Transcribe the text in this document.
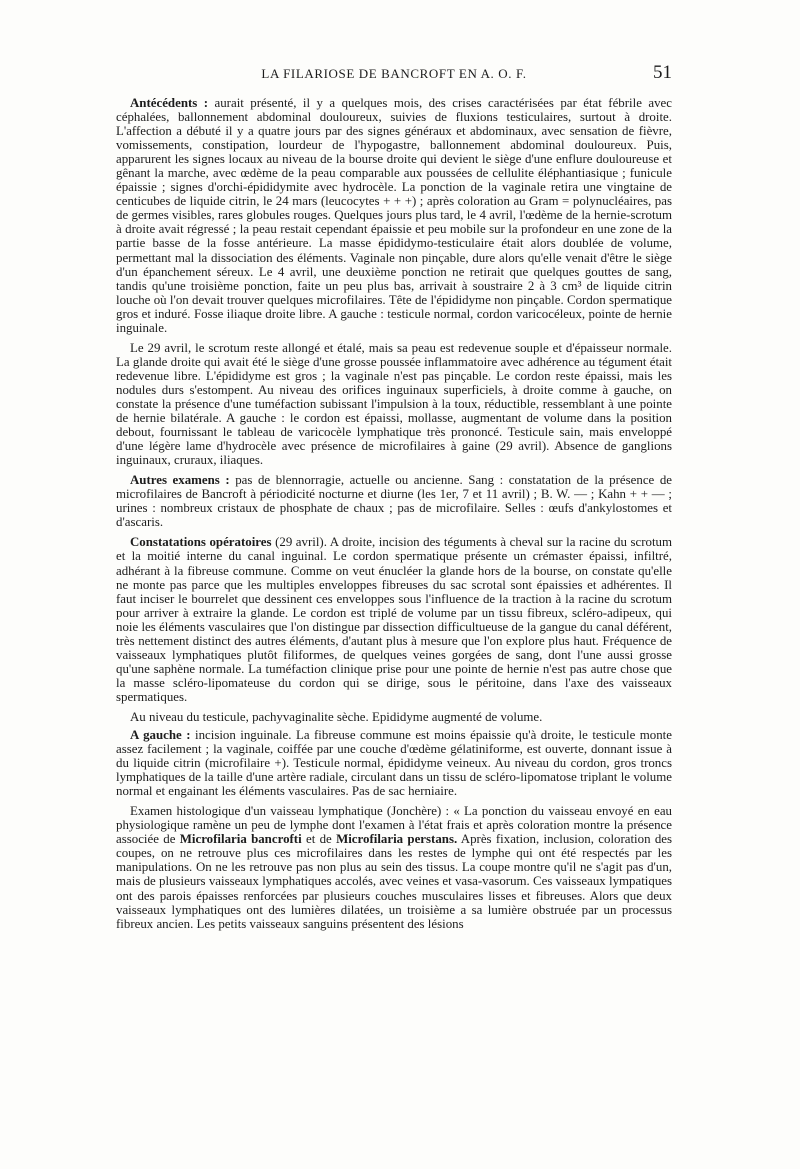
LA FILARIOSE DE BANCROFT EN A. O. F.	51

Antécédents : aurait présenté, il y a quelques mois, des crises caractérisées par état fébrile avec céphalées, ballonnement abdominal douloureux, suivies de fluxions testiculaires, surtout à droite. L'affection a débuté il y a quatre jours par des signes généraux et abdominaux, avec sensation de fièvre, vomissements, constipation, lourdeur de l'hypogastre, ballonnement abdominal douloureux. Puis, apparurent les signes locaux au niveau de la bourse droite qui devient le siège d'une enflure douloureuse et gênant la marche, avec œdème de la peau comparable aux poussées de cellulite éléphantiasique ; funicule épaissie ; signes d'orchi-épididymite avec hydrocèle. La ponction de la vaginale retira une vingtaine de centicubes de liquide citrin, le 24 mars (leucocytes + + +) ; après coloration au Gram = polynucléaires, pas de germes visibles, rares globules rouges. Quelques jours plus tard, le 4 avril, l'œdème de la hernie-scrotum à droite avait régressé ; la peau restait cependant épaissie et peu mobile sur la profondeur en une zone de la partie basse de la fosse antérieure. La masse épididymo-testiculaire était alors doublée de volume, permettant mal la dissociation des éléments. Vaginale non pinçable, dure alors qu'elle venait d'être le siège d'un épanchement séreux. Le 4 avril, une deuxième ponction ne retirait que quelques gouttes de sang, tandis qu'une troisième ponction, faite un peu plus bas, arrivait à soustraire 2 à 3 cm³ de liquide citrin louche où l'on devait trouver quelques microfilaires. Tête de l'épididyme non pinçable. Cordon spermatique gros et induré. Fosse iliaque droite libre. A gauche : testicule normal, cordon varicocéleux, pointe de hernie inguinale.

Le 29 avril, le scrotum reste allongé et étalé, mais sa peau est redevenue souple et d'épaisseur normale. La glande droite qui avait été le siège d'une grosse poussée inflammatoire avec adhérence au tégument était redevenue libre. L'épididyme est gros ; la vaginale n'est pas pinçable. Le cordon reste épaissi, mais les nodules durs s'estompent. Au niveau des orifices inguinaux superficiels, à droite comme à gauche, on constate la présence d'une tuméfaction subissant l'impulsion à la toux, réductible, ressemblant à une pointe de hernie bilatérale. A gauche : le cordon est épaissi, mollasse, augmentant de volume dans la position debout, fournissant le tableau de varicocèle lymphatique très prononcé. Testicule sain, mais enveloppé d'une légère lame d'hydrocèle avec présence de microfilaires à gaine (29 avril). Absence de ganglions inguinaux, cruraux, iliaques.

Autres examens : pas de blennorragie, actuelle ou ancienne. Sang : constatation de la présence de microfilaires de Bancroft à périodicité nocturne et diurne (les 1er, 7 et 11 avril) ; B. W. — ; Kahn + + — ; urines : nombreux cristaux de phosphate de chaux ; pas de microfilaire. Selles : œufs d'ankylostomes et d'ascaris.

Constatations opératoires (29 avril). A droite, incision des téguments à cheval sur la racine du scrotum et la moitié interne du canal inguinal. Le cordon spermatique présente un crémaster épaissi, infiltré, adhérant à la fibreuse commune. Comme on veut énucléer la glande hors de la bourse, on constate qu'elle ne monte pas parce que les multiples enveloppes fibreuses du sac scrotal sont épaissies et adhérentes. Il faut inciser le bourrelet que dessinent ces enveloppes sous l'influence de la traction à la racine du scrotum pour arriver à extraire la glande. Le cordon est triplé de volume par un tissu fibreux, scléro-adipeux, qui noie les éléments vasculaires que l'on distingue par dissection difficultueuse de la gangue du canal déférent, très nettement distinct des autres éléments, d'autant plus à mesure que l'on explore plus haut. Fréquence de vaisseaux lymphatiques plutôt filiformes, de quelques veines gorgées de sang, dont l'une aussi grosse qu'une saphène normale. La tuméfaction clinique prise pour une pointe de hernie n'est pas autre chose que la masse scléro-lipomateuse du cordon qui se dirige, sous le péritoine, dans l'axe des vaisseaux spermatiques.

Au niveau du testicule, pachyvaginalite sèche. Epididyme augmenté de volume.

A gauche : incision inguinale. La fibreuse commune est moins épaissie qu'à droite, le testicule monte assez facilement ; la vaginale, coiffée par une couche d'œdème gélatiniforme, est ouverte, donnant issue à du liquide citrin (microfilaire +). Testicule normal, épididyme veineux. Au niveau du cordon, gros troncs lymphatiques de la taille d'une artère radiale, circulant dans un tissu de scléro-lipomatose triplant le volume normal et engainant les éléments vasculaires. Pas de sac herniaire.

Examen histologique d'un vaisseau lymphatique (Jonchère) : « La ponction du vaisseau envoyé en eau physiologique ramène un peu de lymphe dont l'examen à l'état frais et après coloration montre la présence associée de Microfilaria bancrofti et de Microfilaria perstans. Après fixation, inclusion, coloration des coupes, on ne retrouve plus ces microfilaires dans les restes de lymphe qui ont été respectés par les manipulations. On ne les retrouve pas non plus au sein des tissus. La coupe montre qu'il ne s'agit pas d'un, mais de plusieurs vaisseaux lymphatiques accolés, avec veines et vasa-vasorum. Ces vaisseaux lympatiques ont des parois épaisses renforcées par plusieurs couches musculaires lisses et fibreuses. Alors que deux vaisseaux lymphatiques ont des lumières dilatées, un troisième a sa lumière obstruée par un processus fibreux ancien. Les petits vaisseaux sanguins présentent des lésions
